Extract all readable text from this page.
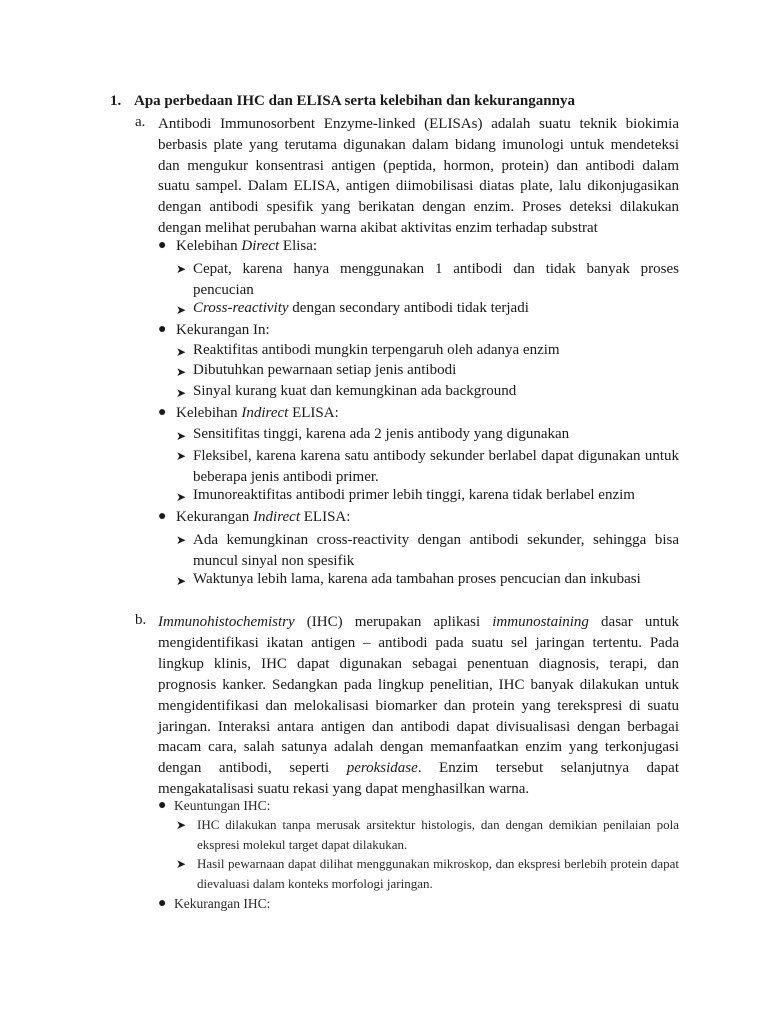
1. Apa perbedaan IHC dan ELISA serta kelebihan dan kekurangannya
a. Antibodi Immunosorbent Enzyme-linked (ELISAs) adalah suatu teknik biokimia berbasis plate yang terutama digunakan dalam bidang imunologi untuk mendeteksi dan mengukur konsentrasi antigen (peptida, hormon, protein) dan antibodi dalam suatu sampel. Dalam ELISA, antigen diimobilisasi diatas plate, lalu dikonjugasikan dengan antibodi spesifik yang berikatan dengan enzim. Proses deteksi dilakukan dengan melihat perubahan warna akibat aktivitas enzim terhadap substrat

● Kelebihan Direct Elisa:
➤ Cepat, karena hanya menggunakan 1 antibodi dan tidak banyak proses pencucian

➤ Cross-reactivity dengan secondary antibodi tidak terjadi
● Kekurangan In:
➤ Reaktifitas antibodi mungkin terpengaruh oleh adanya enzim
➤ Dibutuhkan pewarnaan setiap jenis antibodi
➤ Sinyal kurang kuat dan kemungkinan ada background
● Kelebihan Indirect ELISA:
➤ Sensitifitas tinggi, karena ada 2 jenis antibody yang digunakan
➤ Fleksibel, karena karena satu antibody sekunder berlabel dapat digunakan untuk beberapa jenis antibodi primer.

➤ Imunoreaktifitas antibodi primer lebih tinggi, karena tidak berlabel enzim
● Kekurangan Indirect ELISA:
➤ Ada kemungkinan cross-reactivity dengan antibodi sekunder, sehingga bisa muncul sinyal non spesifik

➤ Waktunya lebih lama, karena ada tambahan proses pencucian dan inkubasi
b. Immunohistochemistry (IHC) merupakan aplikasi immunostaining dasar untuk mengidentifikasi ikatan antigen – antibodi pada suatu sel jaringan tertentu. Pada lingkup klinis, IHC dapat digunakan sebagai penentuan diagnosis, terapi, dan prognosis kanker. Sedangkan pada lingkup penelitian, IHC banyak dilakukan untuk mengidentifikasi dan melokalisasi biomarker dan protein yang terekspresi di suatu jaringan. Interaksi antara antigen dan antibodi dapat divisualisasi dengan berbagai macam cara, salah satunya adalah dengan memanfaatkan enzim yang terkonjugasi dengan antibodi, seperti peroksidase. Enzim tersebut selanjutnya dapat mengakatalisasi suatu rekasi yang dapat menghasilkan warna.

● Keuntungan IHC:
➤ IHC dilakukan tanpa merusak arsitektur histologis, dan dengan demikian penilaian pola ekspresi molekul target dapat dilakukan.

➤ Hasil pewarnaan dapat dilihat menggunakan mikroskop, dan ekspresi berlebih protein dapat dievaluasi dalam konteks morfologi jaringan.

● Kekurangan IHC:
